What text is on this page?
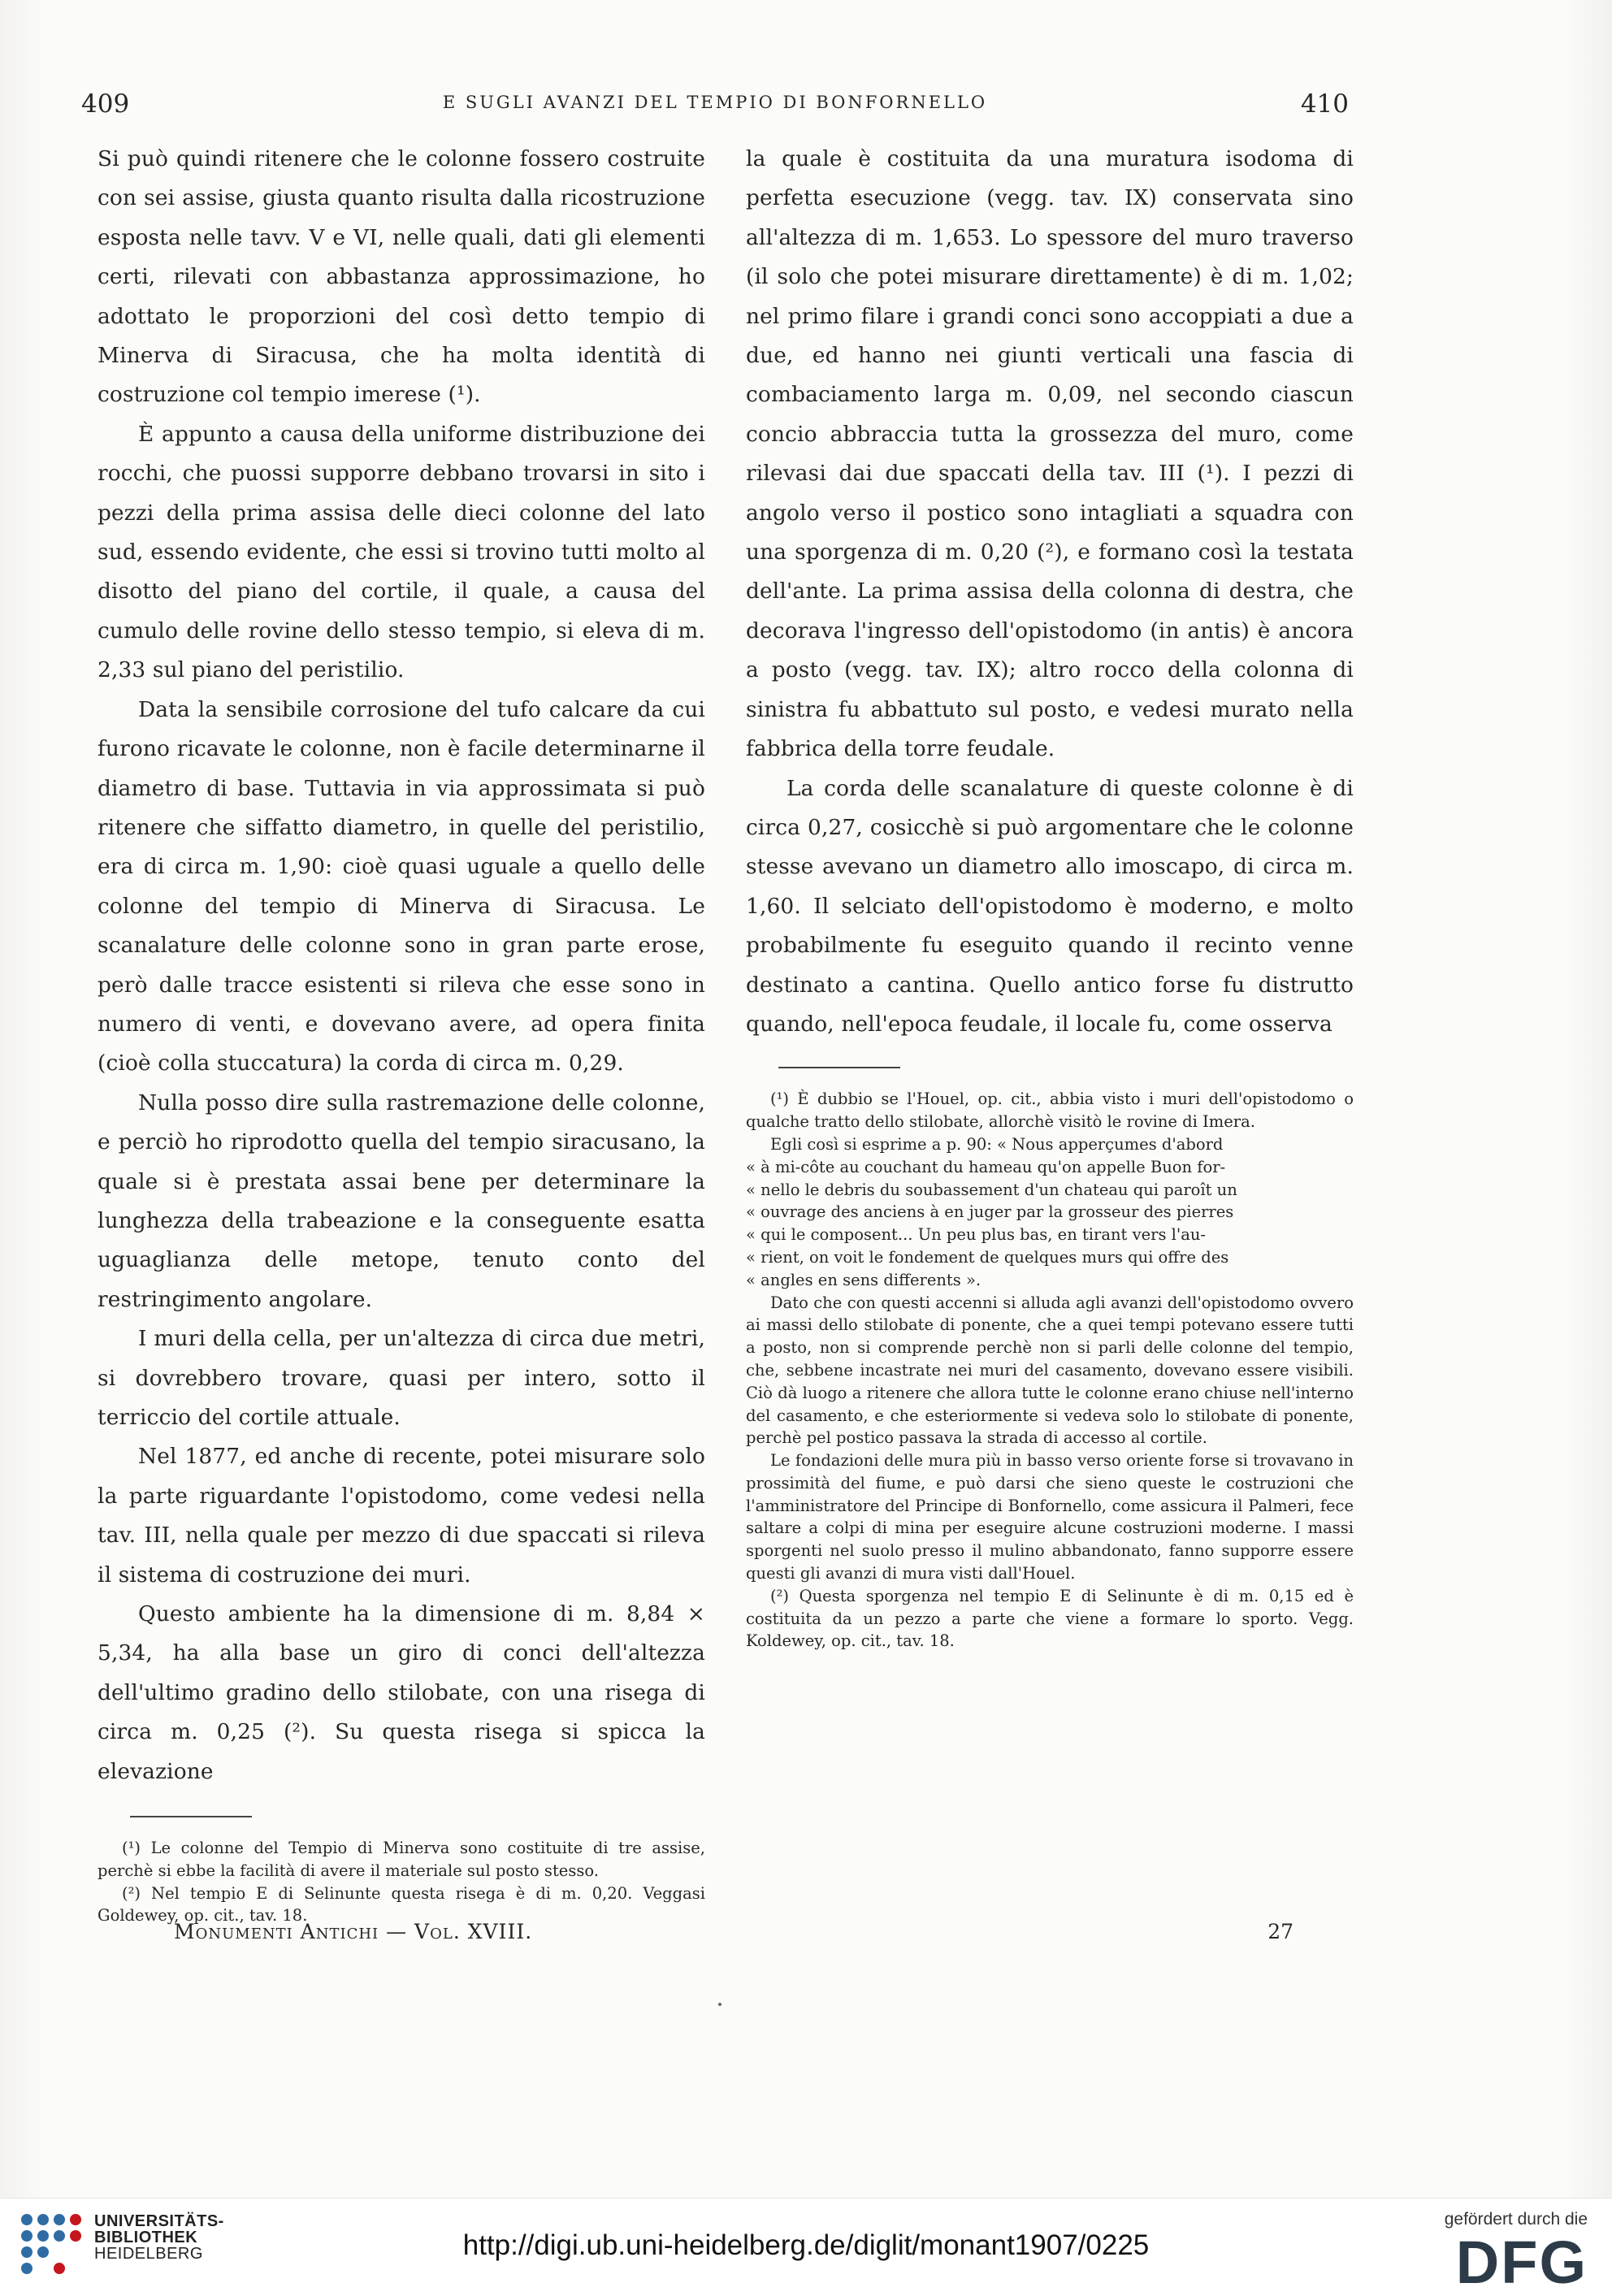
409	E SUGLI AVANZI DEL TEMPIO DI BONFORNELLO	410

Si può quindi ritenere che le colonne fossero costruite con sei assise, giusta quanto risulta dalla ricostruzione esposta nelle tavv. V e VI, nelle quali, dati gli elementi certi, rilevati con abbastanza approssimazione, ho adottato le proporzioni del così detto tempio di Minerva di Siracusa, che ha molta identità di costruzione col tempio imerese (¹).

È appunto a causa della uniforme distribuzione dei rocchi, che puossi supporre debbano trovarsi in sito i pezzi della prima assisa delle dieci colonne del lato sud, essendo evidente, che essi si trovino tutti molto al disotto del piano del cortile, il quale, a causa del cumulo delle rovine dello stesso tempio, si eleva di m. 2,33 sul piano del peristilio.

Data la sensibile corrosione del tufo calcare da cui furono ricavate le colonne, non è facile determinarne il diametro di base. Tuttavia in via approssimata si può ritenere che siffatto diametro, in quelle del peristilio, era di circa m. 1,90: cioè quasi uguale a quello delle colonne del tempio di Minerva di Siracusa. Le scanalature delle colonne sono in gran parte erose, però dalle tracce esistenti si rileva che esse sono in numero di venti, e dovevano avere, ad opera finita (cioè colla stuccatura) la corda di circa m. 0,29.

Nulla posso dire sulla rastremazione delle colonne, e perciò ho riprodotto quella del tempio siracusano, la quale si è prestata assai bene per determinare la lunghezza della trabeazione e la conseguente esatta uguaglianza delle metope, tenuto conto del restringimento angolare.

I muri della cella, per un'altezza di circa due metri, si dovrebbero trovare, quasi per intero, sotto il terriccio del cortile attuale.

Nel 1877, ed anche di recente, potei misurare solo la parte riguardante l'opistodomo, come vedesi nella tav. III, nella quale per mezzo di due spaccati si rileva il sistema di costruzione dei muri.

Questo ambiente ha la dimensione di m. 8,84 × 5,34, ha alla base un giro di conci dell'altezza dell'ultimo gradino dello stilobate, con una risega di circa m. 0,25 (²). Su questa risega si spicca la elevazione

(¹) Le colonne del Tempio di Minerva sono costituite di tre assise, perchè si ebbe la facilità di avere il materiale sul posto stesso.

(²) Nel tempio E di Selinunte questa risega è di m. 0,20. Veggasi Goldewey, op. cit., tav. 18.

la quale è costituita da una muratura isodoma di perfetta esecuzione (vegg. tav. IX) conservata sino all'altezza di m. 1,653. Lo spessore del muro traverso (il solo che potei misurare direttamente) è di m. 1,02; nel primo filare i grandi conci sono accoppiati a due a due, ed hanno nei giunti verticali una fascia di combaciamento larga m. 0,09, nel secondo ciascun concio abbraccia tutta la grossezza del muro, come rilevasi dai due spaccati della tav. III (¹). I pezzi di angolo verso il postico sono intagliati a squadra con una sporgenza di m. 0,20 (²), e formano così la testata dell'ante. La prima assisa della colonna di destra, che decorava l'ingresso dell'opistodomo (in antis) è ancora a posto (vegg. tav. IX); altro rocco della colonna di sinistra fu abbattuto sul posto, e vedesi murato nella fabbrica della torre feudale.

La corda delle scanalature di queste colonne è di circa 0,27, cosicchè si può argomentare che le colonne stesse avevano un diametro allo imoscapo, di circa m. 1,60. Il selciato dell'opistodomo è moderno, e molto probabilmente fu eseguito quando il recinto venne destinato a cantina. Quello antico forse fu distrutto quando, nell'epoca feudale, il locale fu, come osserva

(¹) È dubbio se l'Houel, op. cit., abbia visto i muri dell'opistodomo o qualche tratto dello stilobate, allorchè visitò le rovine di Imera.

Egli così si esprime a p. 90: « Nous apperçumes d'abord

« à mi-côte au couchant du hameau qu'on appelle Buon for-

« nello le debris du soubassement d'un chateau qui paroît un

« ouvrage des anciens à en juger par la grosseur des pierres

« qui le composent... Un peu plus bas, en tirant vers l'au-

« rient, on voit le fondement de quelques murs qui offre des

« angles en sens differents ».

Dato che con questi accenni si alluda agli avanzi dell'opistodomo ovvero ai massi dello stilobate di ponente, che a quei tempi potevano essere tutti a posto, non si comprende perchè non si parli delle colonne del tempio, che, sebbene incastrate nei muri del casamento, dovevano essere visibili. Ciò dà luogo a ritenere che allora tutte le colonne erano chiuse nell'interno del casamento, e che esteriormente si vedeva solo lo stilobate di ponente, perchè pel postico passava la strada di accesso al cortile.

Le fondazioni delle mura più in basso verso oriente forse si trovavano in prossimità del fiume, e può darsi che sieno queste le costruzioni che l'amministratore del Principe di Bonfornello, come assicura il Palmeri, fece saltare a colpi di mina per eseguire alcune costruzioni moderne. I massi sporgenti nel suolo presso il mulino abbandonato, fanno supporre essere questi gli avanzi di mura visti dall'Houel.

(²) Questa sporgenza nel tempio E di Selinunte è di m. 0,15 ed è costituita da un pezzo a parte che viene a formare lo sporto. Vegg. Koldewey, op. cit., tav. 18.

Monumenti Antichi — Vol. XVIII.	27
UNIVERSITÄTS-
BIBLIOTHEK
HEIDELBERG	http://digi.ub.uni-heidelberg.de/diglit/monant1907/0225
gefördert durch die
DFG
